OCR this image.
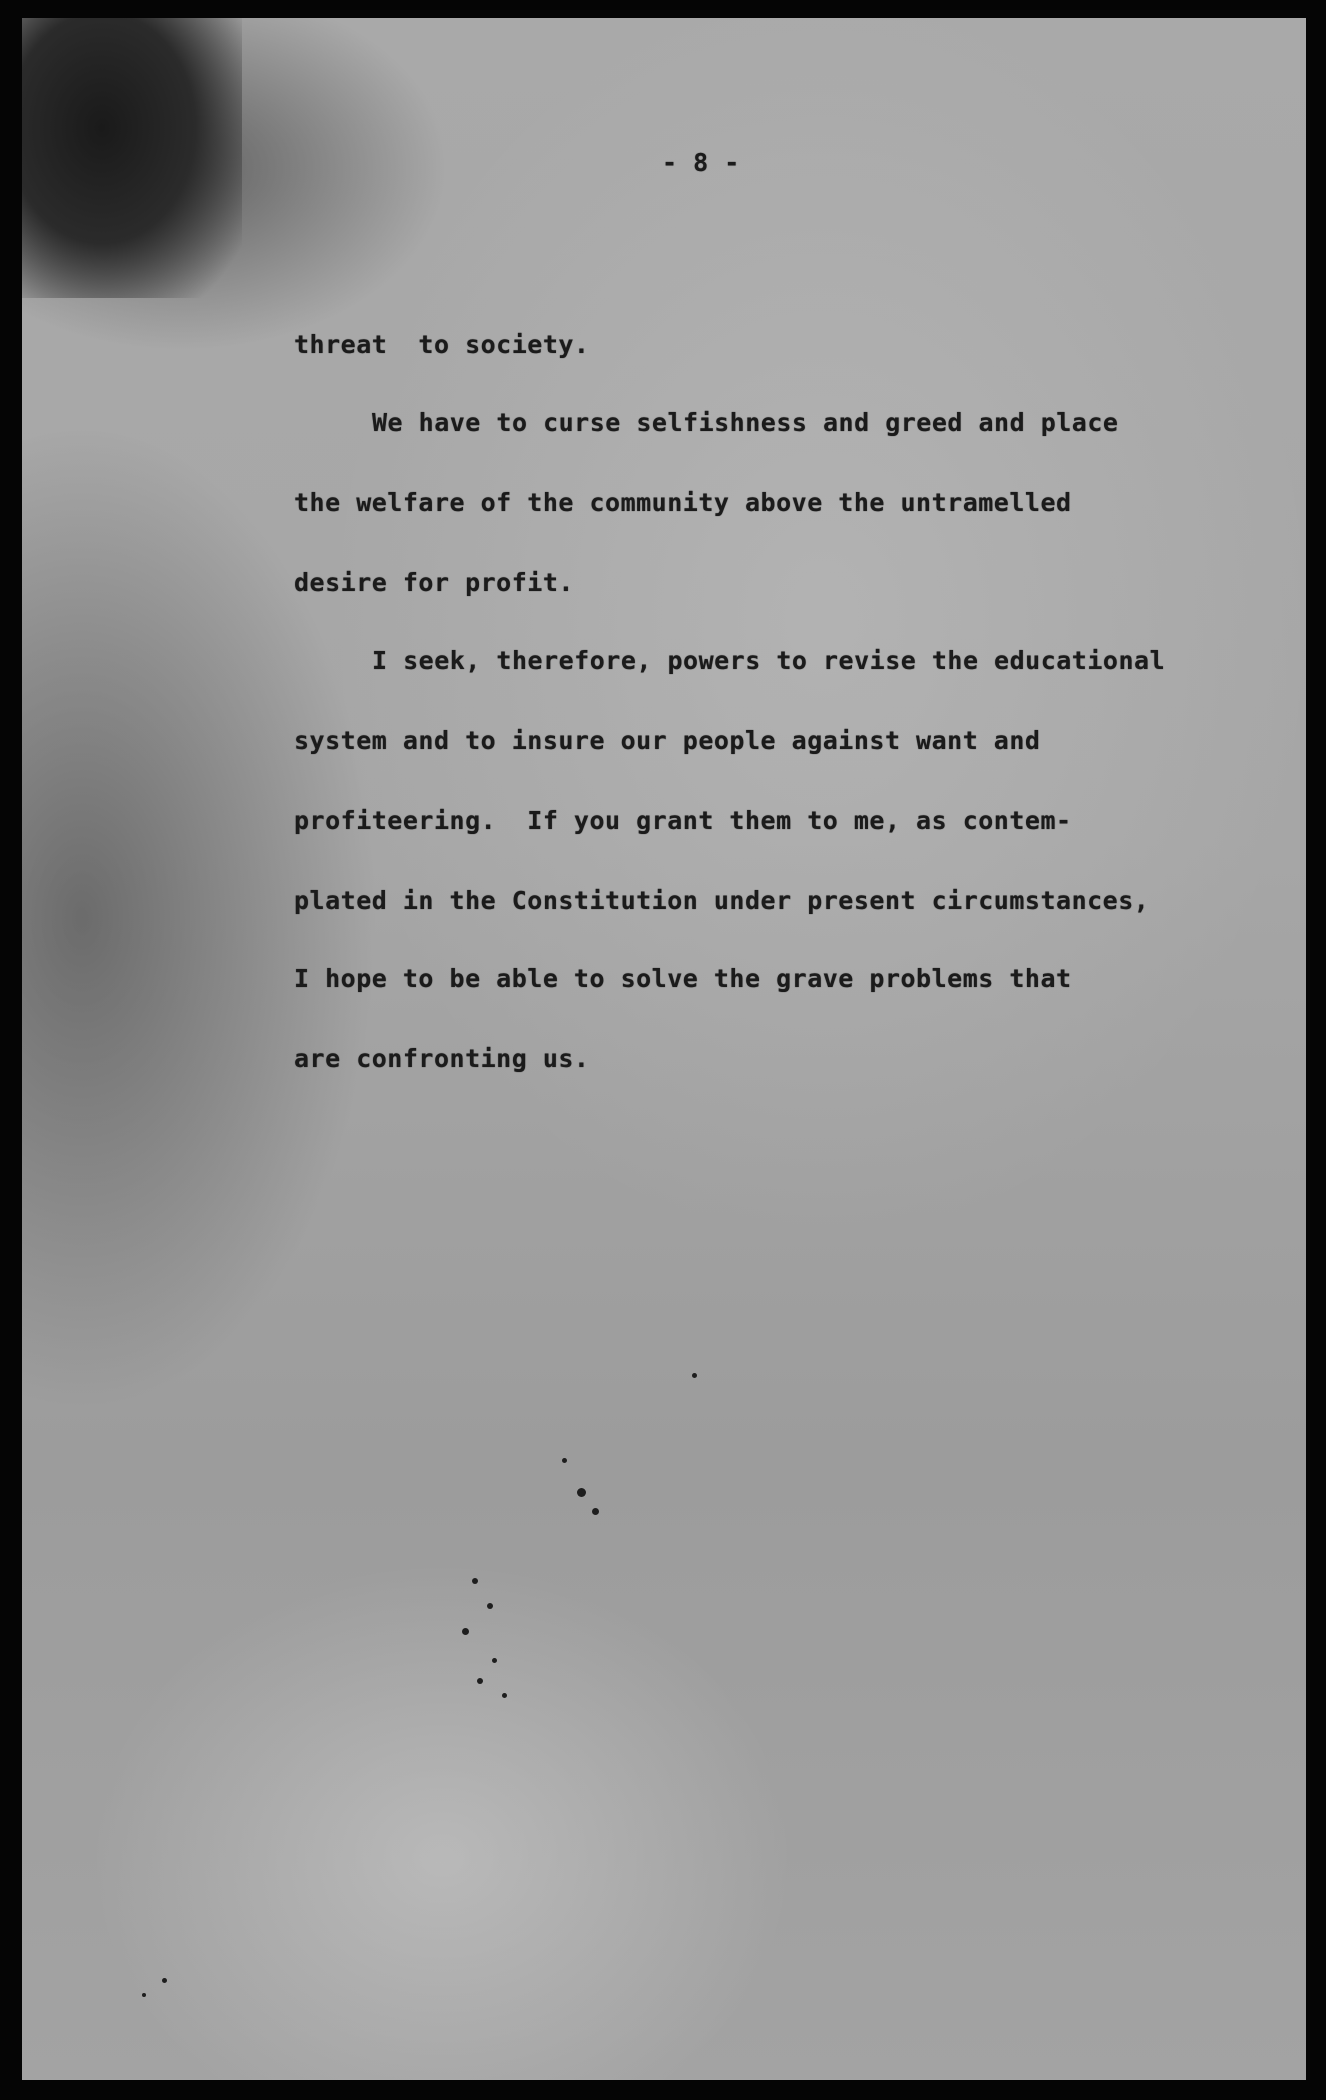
- 8 -
threat  to society.
We have to curse selfishness and greed and place
the welfare of the community above the untramelled
desire for profit.
I seek, therefore, powers to revise the educational
system and to insure our people against want and
profiteering.  If you grant them to me, as contem-
plated in the Constitution under present circumstances,
I hope to be able to solve the grave problems that
are confronting us.
